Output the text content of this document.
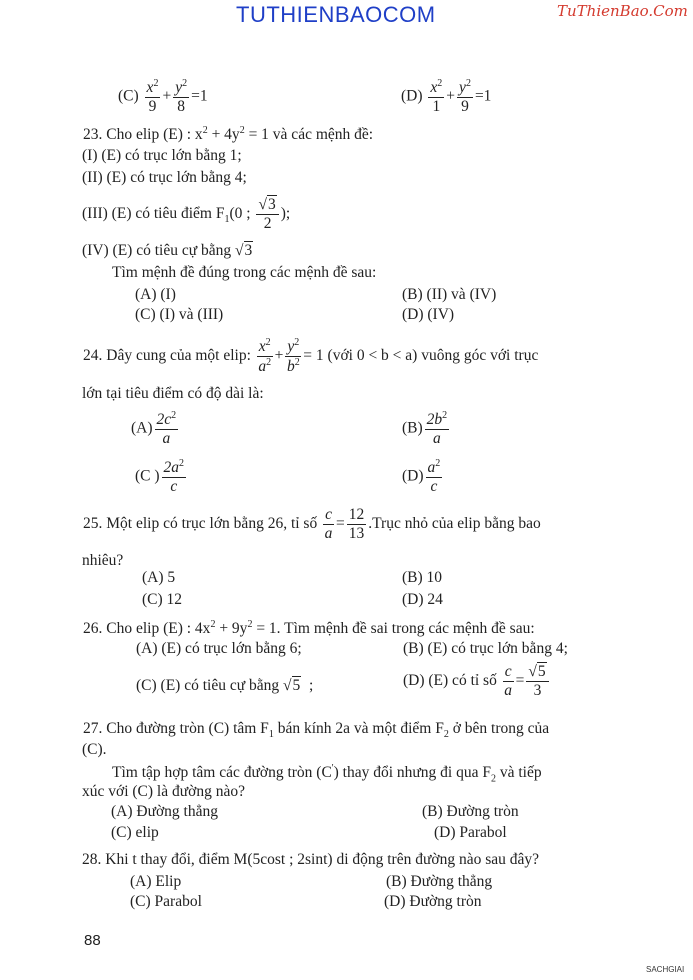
TUTHIENBAOCOM	TuThienBao.Com
$(C) \frac{x^2}{9} + \frac{y^2}{8} =1$	$(D) \frac{x^2}{1} + \frac{y^2}{9} =1$
23. Cho elip (E) : $x^2 + 4y^2 = 1$ và các mệnh đề:
(I) (E) có trục lớn bằng 1;
(II) (E) có trục lớn bằng 4;
(III) (E) có tiêu điểm $F_1(0$ ; $\frac{√3}{2}$ );
(IV) (E) có tiêu cự bằng √3
Tìm mệnh đề đúng trong các mệnh đề sau:
(A) (I)	(B) (II) và (IV)
(C) (I) và (III)	(D) (IV)
24. Dây cung của một elip: $\frac{x^2}{a^2} + \frac{y^2}{b^2} = 1$ (với 0 < b < a) vuông góc với trục
lớn tại tiêu điểm có độ dài là:
$(A) \frac{2c^2}{a}$	$(B) \frac{2b^2}{a}$
(C ) $\frac{2a^2}{c}$	$(D) \frac{a^2}{c}$
25. Một elip có trục lớn bằng 26, tỉ số $\frac{c}{a} = \frac{12}{13}$ .Trục nhỏ của elip bằng bao
nhiêu?
(A) 5	(B) 10
(C) 12	(D) 24
26. Cho elip (E) : $4x^2 + 9y^2 = 1$. Tìm mệnh đề sai trong các mệnh đề sau:
(A) (E) có trục lớn bằng 6;	(B) (E) có trục lớn bằng 4;
(C) (E) có tiêu cự bằng √5 ;	(D) (E) có tỉ số $\frac{c}{a} = \frac{√5}{3}$
27. Cho đường tròn (C) tâm $F_1$ bán kính 2a và một điểm $F_2$ ở bên trong của
(C).
Tìm tập hợp tâm các đường tròn (C') thay đổi nhưng đi qua $F_2$ và tiếp
xúc với (C) là đường nào?
(A) Đường thẳng	(B) Đường tròn
(C) elip	(D) Parabol
28. Khi t thay đổi, điểm M(5cost ; 2sint) di động trên đường nào sau đây?
(A) Elip	(B) Đường thẳng
(C) Parabol	(D) Đường tròn
88
SACHGIAI
